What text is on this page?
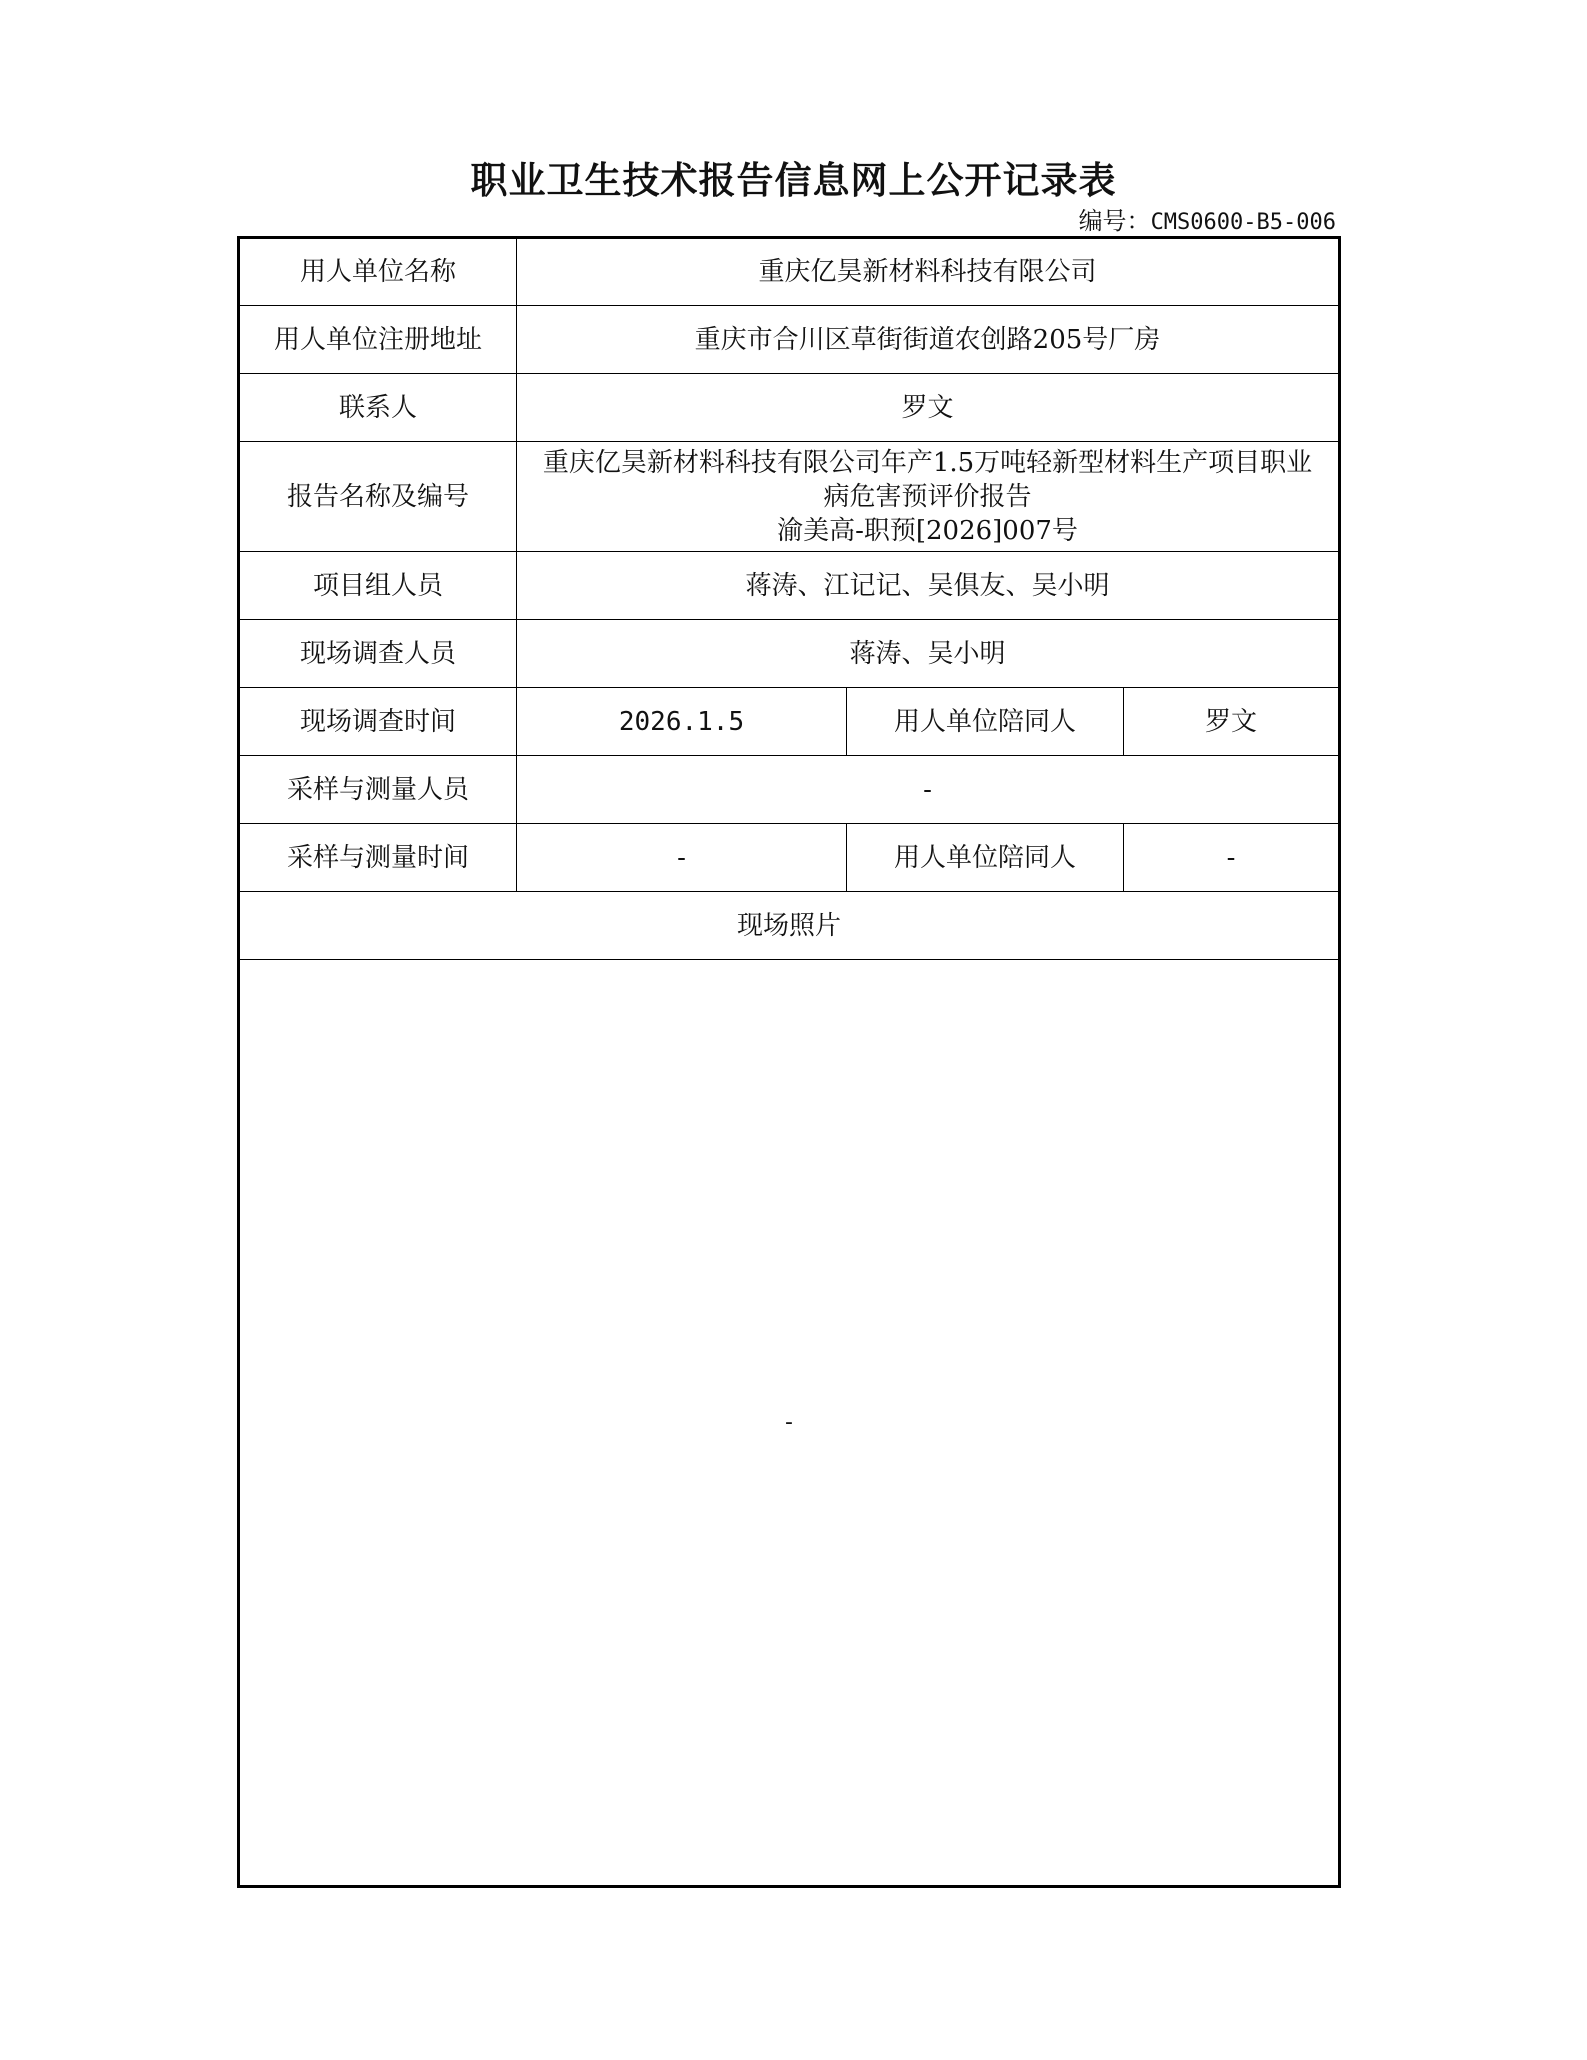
职业卫生技术报告信息网上公开记录表
编号：CMS0600-B5-006
用人单位名称	重庆亿昊新材料科技有限公司		
用人单位注册地址	重庆市合川区草街街道农创路205号厂房		
联系人	罗文		
报告名称及编号	重庆亿昊新材料科技有限公司年产1.5万吨轻新型材料生产项目职业
病危害预评价报告
渝美高-职预[2026]007号		

项目组人员	蒋涛、江记记、吴俱友、吴小明		
现场调查人员	蒋涛、吴小明		
现场调查时间	2026.1.5	用人单位陪同人	罗文
采样与测量人员	-		
采样与测量时间	-	用人单位陪同人	-
现场照片			

-			
